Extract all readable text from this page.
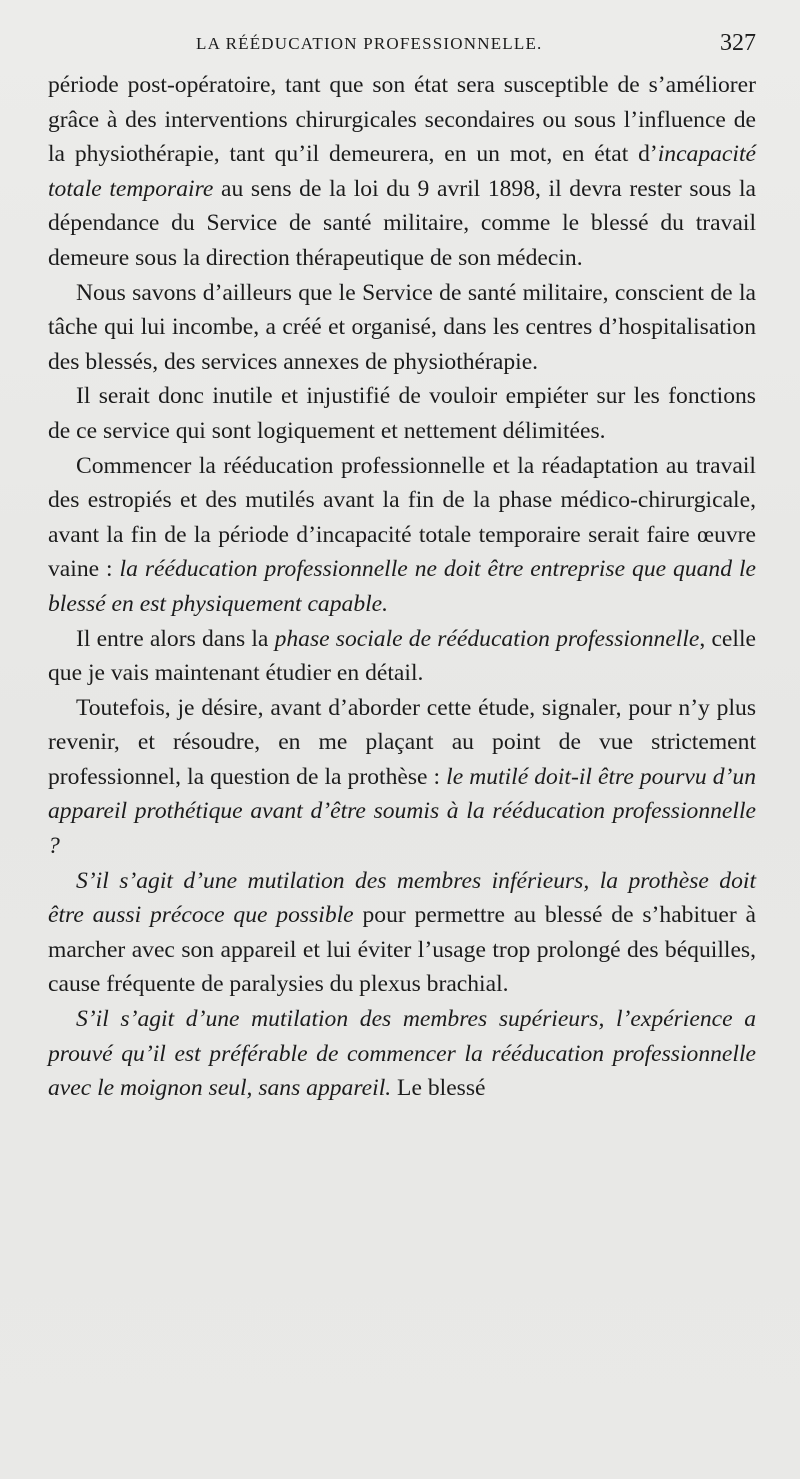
LA RÉÉDUCATION PROFESSIONNELLE.	327

période post-opératoire, tant que son état sera susceptible de s’améliorer grâce à des interventions chirurgicales secondaires ou sous l’influence de la physiothérapie, tant qu’il demeurera, en un mot, en état d’incapacité totale temporaire au sens de la loi du 9 avril 1898, il devra rester sous la dépendance du Service de santé militaire, comme le blessé du travail demeure sous la direction thérapeutique de son médecin.

Nous savons d’ailleurs que le Service de santé militaire, conscient de la tâche qui lui incombe, a créé et organisé, dans les centres d’hospitalisation des blessés, des services annexes de physiothérapie.

Il serait donc inutile et injustifié de vouloir empiéter sur les fonctions de ce service qui sont logiquement et nettement délimitées.

Commencer la rééducation professionnelle et la réadaptation au travail des estropiés et des mutilés avant la fin de la phase médico-chirurgicale, avant la fin de la période d’incapacité totale temporaire serait faire œuvre vaine : la rééducation professionnelle ne doit être entreprise que quand le blessé en est physiquement capable.

Il entre alors dans la phase sociale de rééducation professionnelle, celle que je vais maintenant étudier en détail.

Toutefois, je désire, avant d’aborder cette étude, signaler, pour n’y plus revenir, et résoudre, en me plaçant au point de vue strictement professionnel, la question de la prothèse : le mutilé doit-il être pourvu d’un appareil prothétique avant d’être soumis à la rééducation professionnelle ?

S’il s’agit d’une mutilation des membres inférieurs, la prothèse doit être aussi précoce que possible pour permettre au blessé de s’habituer à marcher avec son appareil et lui éviter l’usage trop prolongé des béquilles, cause fréquente de paralysies du plexus brachial.

S’il s’agit d’une mutilation des membres supérieurs, l’expérience a prouvé qu’il est préférable de commencer la rééducation professionnelle avec le moignon seul, sans appareil. Le blessé
